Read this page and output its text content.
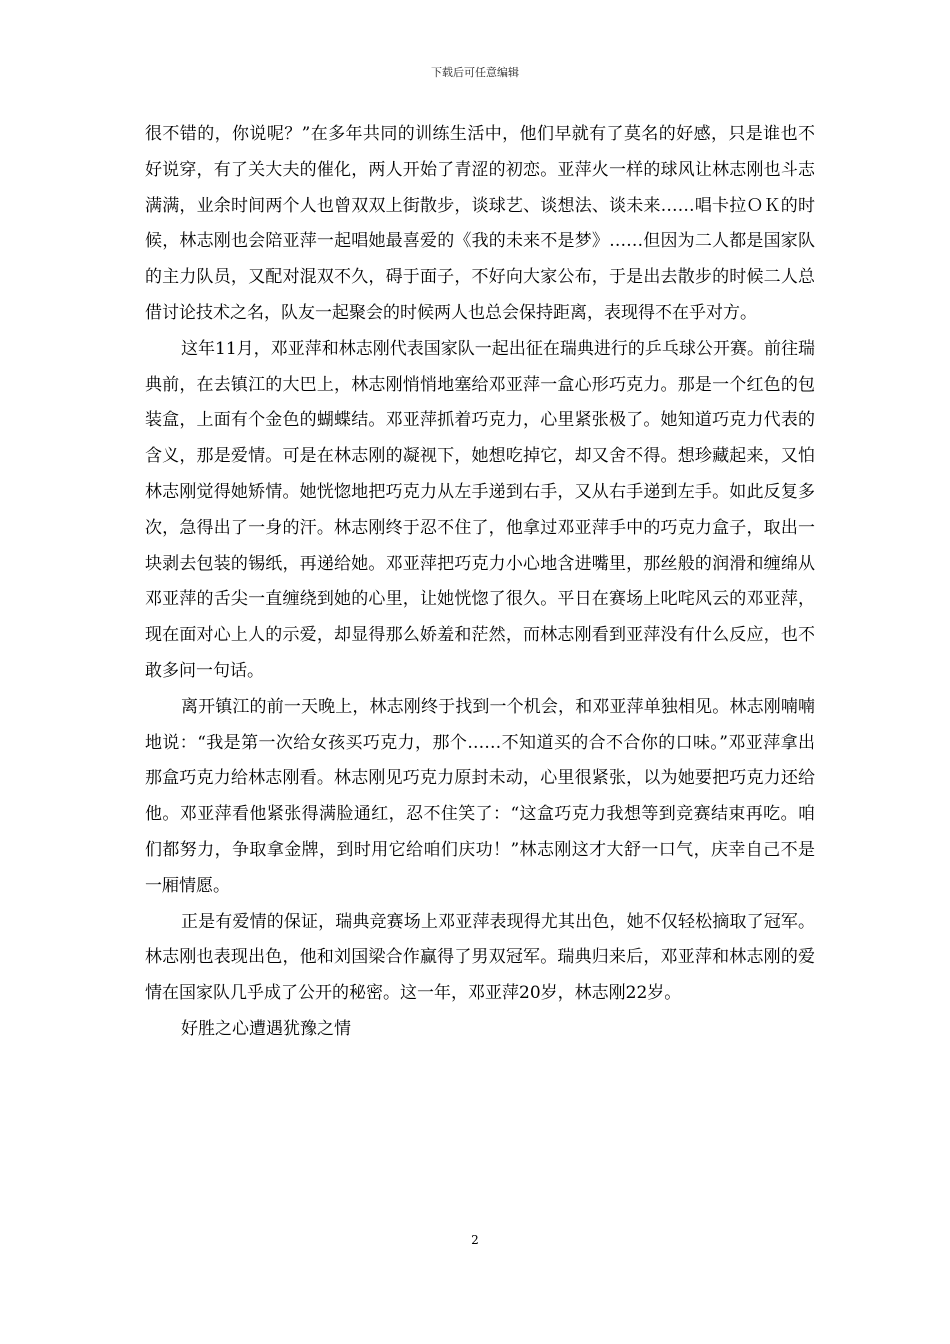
下载后可任意编辑

很不错的，你说呢？”在多年共同的训练生活中，他们早就有了莫名的好感，只是谁也不好说穿，有了关大夫的催化，两人开始了青涩的初恋。亚萍火一样的球风让林志刚也斗志满满，业余时间两个人也曾双双上街散步，谈球艺、谈想法、谈未来……唱卡拉ＯＫ的时候，林志刚也会陪亚萍一起唱她最喜爱的《我的未来不是梦》……但因为二人都是国家队的主力队员，又配对混双不久，碍于面子，不好向大家公布，于是出去散步的时候二人总借讨论技术之名，队友一起聚会的时候两人也总会保持距离，表现得不在乎对方。

这年11月，邓亚萍和林志刚代表国家队一起出征在瑞典进行的乒乓球公开赛。前往瑞典前，在去镇江的大巴上，林志刚悄悄地塞给邓亚萍一盒心形巧克力。那是一个红色的包装盒，上面有个金色的蝴蝶结。邓亚萍抓着巧克力，心里紧张极了。她知道巧克力代表的含义，那是爱情。可是在林志刚的凝视下，她想吃掉它，却又舍不得。想珍藏起来，又怕林志刚觉得她矫情。她恍惚地把巧克力从左手递到右手，又从右手递到左手。如此反复多次，急得出了一身的汗。林志刚终于忍不住了，他拿过邓亚萍手中的巧克力盒子，取出一块剥去包装的锡纸，再递给她。邓亚萍把巧克力小心地含进嘴里，那丝般的润滑和缠绵从邓亚萍的舌尖一直缠绕到她的心里，让她恍惚了很久。平日在赛场上叱咤风云的邓亚萍，现在面对心上人的示爱，却显得那么娇羞和茫然，而林志刚看到亚萍没有什么反应，也不敢多问一句话。

离开镇江的前一天晚上，林志刚终于找到一个机会，和邓亚萍单独相见。林志刚喃喃地说：“我是第一次给女孩买巧克力，那个……不知道买的合不合你的口味。”邓亚萍拿出那盒巧克力给林志刚看。林志刚见巧克力原封未动，心里很紧张，以为她要把巧克力还给他。邓亚萍看他紧张得满脸通红，忍不住笑了：“这盒巧克力我想等到竞赛结束再吃。咱们都努力，争取拿金牌，到时用它给咱们庆功！”林志刚这才大舒一口气，庆幸自己不是一厢情愿。

正是有爱情的保证，瑞典竞赛场上邓亚萍表现得尤其出色，她不仅轻松摘取了冠军。林志刚也表现出色，他和刘国梁合作赢得了男双冠军。瑞典归来后，邓亚萍和林志刚的爱情在国家队几乎成了公开的秘密。这一年，邓亚萍20岁，林志刚22岁。

好胜之心遭遇犹豫之情

2
